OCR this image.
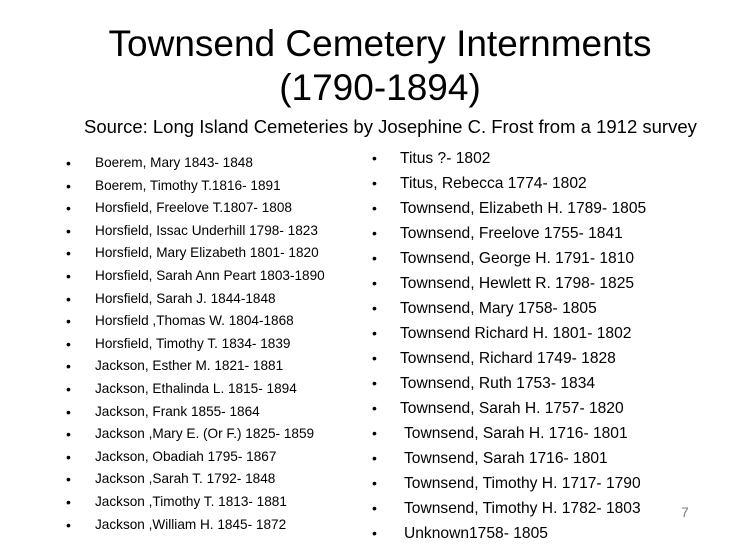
Townsend Cemetery Internments
(1790-1894)
Source: Long Island Cemeteries by Josephine C. Frost from a 1912 survey
• Boerem, Mary 1843- 1848
• Boerem, Timothy T.1816- 1891
• Horsfield, Freelove T.1807- 1808
• Horsfield, Issac Underhill 1798- 1823
• Horsfield, Mary Elizabeth 1801- 1820
• Horsfield, Sarah Ann Peart 1803-1890
• Horsfield, Sarah J. 1844-1848
• Horsfield ,Thomas W. 1804-1868
• Horsfield, Timothy T. 1834- 1839
• Jackson, Esther M. 1821- 1881
• Jackson, Ethalinda L. 1815- 1894
• Jackson, Frank 1855- 1864
• Jackson ,Mary E. (Or F.) 1825- 1859
• Jackson, Obadiah 1795- 1867
• Jackson ,Sarah T. 1792- 1848
• Jackson ,Timothy T. 1813- 1881
• Jackson ,William H. 1845- 1872
• Titus ?- 1802
• Titus, Rebecca 1774- 1802
• Townsend, Elizabeth H. 1789- 1805
• Townsend, Freelove 1755- 1841
• Townsend, George H. 1791- 1810
• Townsend, Hewlett R. 1798- 1825
• Townsend, Mary 1758- 1805
• Townsend Richard H. 1801- 1802
• Townsend, Richard 1749- 1828
• Townsend, Ruth 1753- 1834
• Townsend, Sarah H. 1757- 1820
• Townsend, Sarah H. 1716- 1801
• Townsend, Sarah 1716- 1801
• Townsend, Timothy H. 1717- 1790
• Townsend, Timothy H. 1782- 1803
• Unknown1758- 1805
7
